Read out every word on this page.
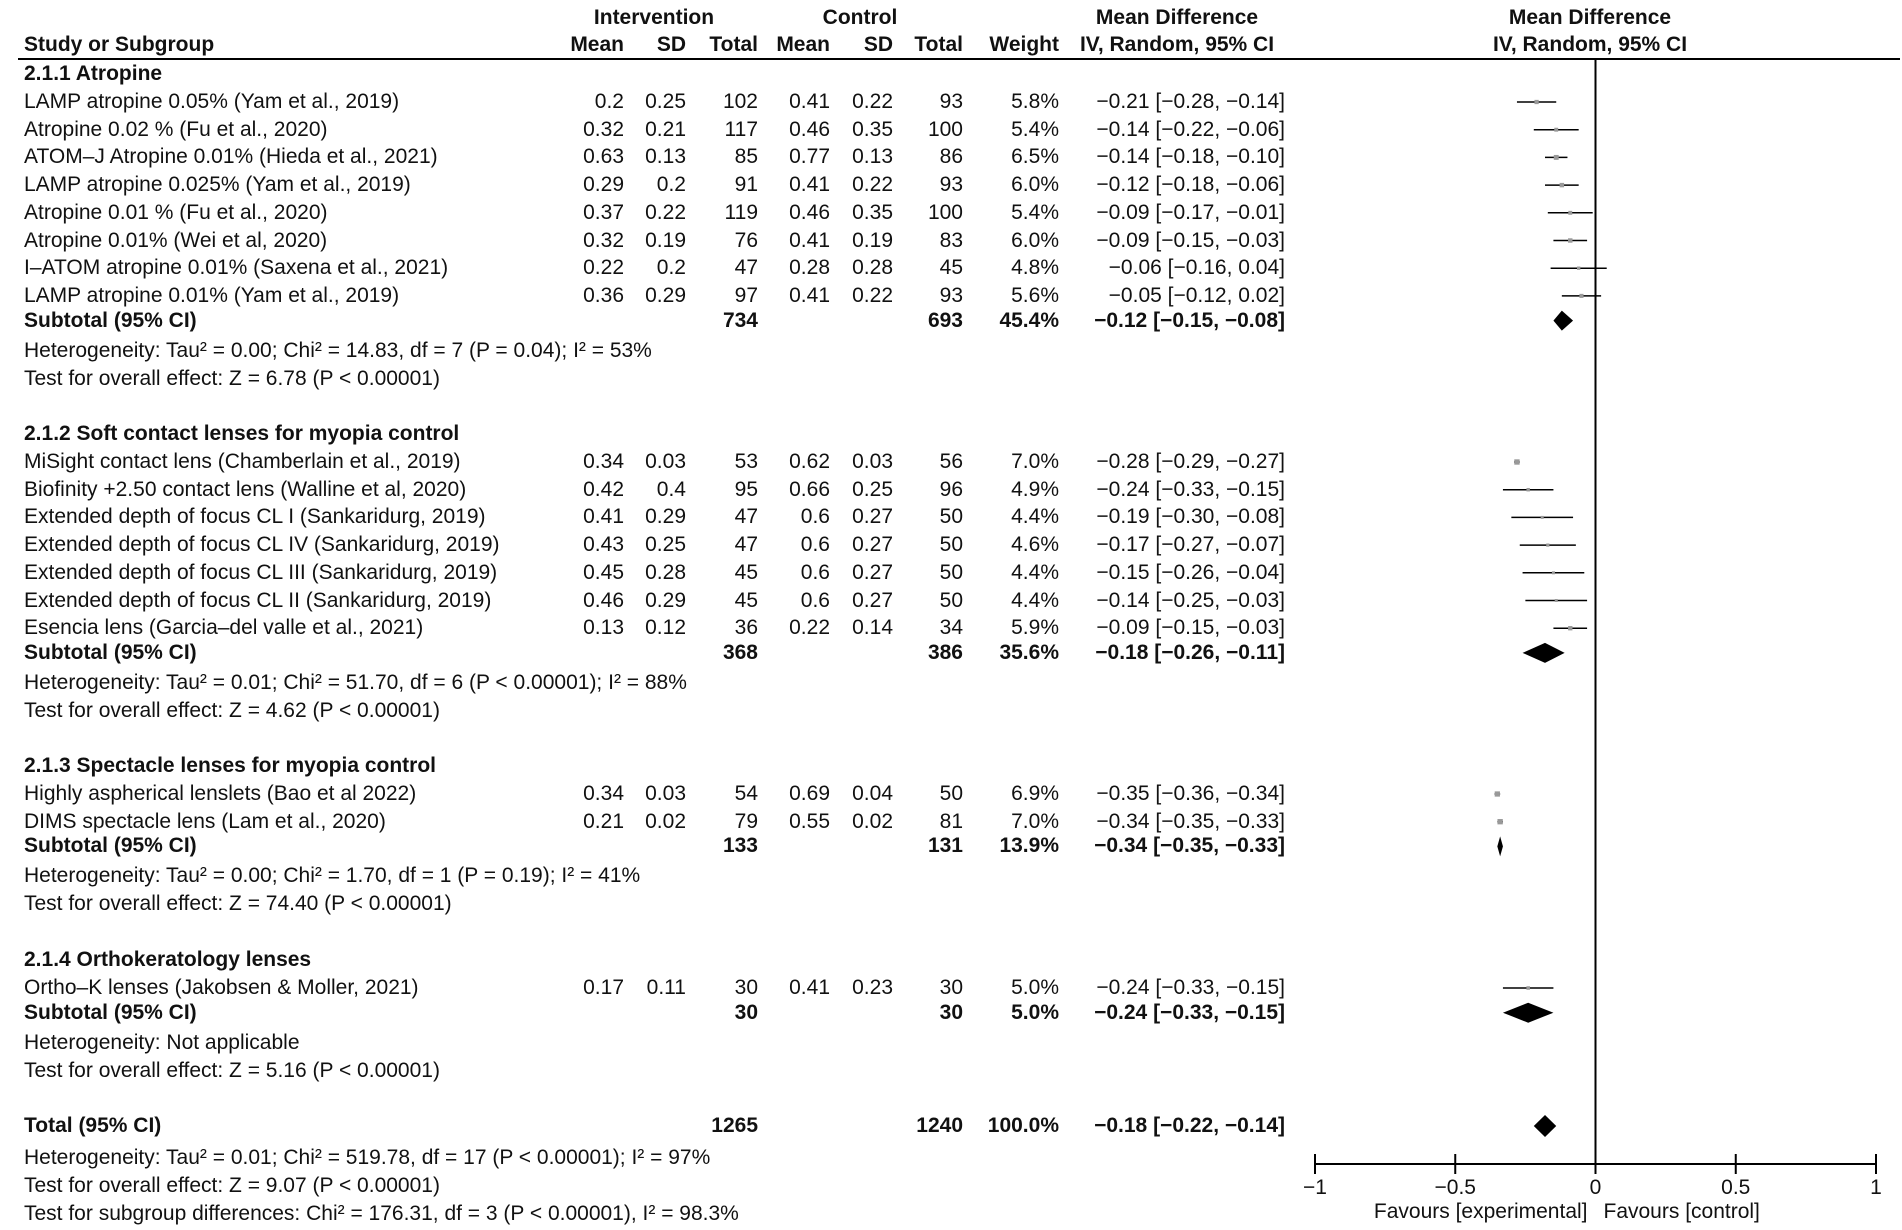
−1	−0.5	0	0.5	1
Favours [experimental] Favours [control]
Intervention	Control	Mean Difference	Mean Difference
Study or Subgroup	Mean SD Total Mean SD Total Weight IV, Random, 95% CI	IV, Random, 95% CI
2.1.1 Atropine
LAMP atropine 0.05% (Yam et al., 2019)	0.2 0.25 102 0.41 0.22 93 5.8% −0.21 [−0.28, −0.14]
Atropine 0.02 % (Fu et al., 2020)	0.32 0.21 117 0.46 0.35 100 5.4% −0.14 [−0.22, −0.06]
ATOM–J Atropine 0.01% (Hieda et al., 2021)	0.63 0.13 85 0.77 0.13 86 6.5% −0.14 [−0.18, −0.10]
LAMP atropine 0.025% (Yam et al., 2019)	0.29 0.2 91 0.41 0.22 93 6.0% −0.12 [−0.18, −0.06]
Atropine 0.01 % (Fu et al., 2020)	0.37 0.22 119 0.46 0.35 100 5.4% −0.09 [−0.17, −0.01]
Atropine 0.01% (Wei et al, 2020)	0.32 0.19 76 0.41 0.19 83 6.0% −0.09 [−0.15, −0.03]
I–ATOM atropine 0.01% (Saxena et al., 2021)	0.22 0.2 47 0.28 0.28 45 4.8% −0.06 [−0.16, 0.04]
LAMP atropine 0.01% (Yam et al., 2019)	0.36 0.29 97 0.41 0.22 93 5.6% −0.05 [−0.12, 0.02]
Subtotal (95% CI)	734	693 45.4% −0.12 [−0.15, −0.08]
Heterogeneity: Tau² = 0.00; Chi² = 14.83, df = 7 (P = 0.04); I² = 53%
Test for overall effect: Z = 6.78 (P < 0.00001)
2.1.2 Soft contact lenses for myopia control
MiSight contact lens (Chamberlain et al., 2019)	0.34 0.03 53 0.62 0.03 56 7.0% −0.28 [−0.29, −0.27]
Biofinity +2.50 contact lens (Walline et al, 2020)	0.42 0.4 95 0.66 0.25 96 4.9% −0.24 [−0.33, −0.15]
Extended depth of focus CL I (Sankaridurg, 2019)	0.41 0.29 47 0.6 0.27 50 4.4% −0.19 [−0.30, −0.08]
Extended depth of focus CL IV (Sankaridurg, 2019)	0.43 0.25 47 0.6 0.27 50 4.6% −0.17 [−0.27, −0.07]
Extended depth of focus CL III (Sankaridurg, 2019)	0.45 0.28 45 0.6 0.27 50 4.4% −0.15 [−0.26, −0.04]
Extended depth of focus CL II (Sankaridurg, 2019)	0.46 0.29 45 0.6 0.27 50 4.4% −0.14 [−0.25, −0.03]
Esencia lens (Garcia–del valle et al., 2021)	0.13 0.12 36 0.22 0.14 34 5.9% −0.09 [−0.15, −0.03]
Subtotal (95% CI)	368	386 35.6% −0.18 [−0.26, −0.11]
Heterogeneity: Tau² = 0.01; Chi² = 51.70, df = 6 (P < 0.00001); I² = 88%
Test for overall effect: Z = 4.62 (P < 0.00001)
2.1.3 Spectacle lenses for myopia control
Highly aspherical lenslets (Bao et al 2022)	0.34 0.03 54 0.69 0.04 50 6.9% −0.35 [−0.36, −0.34]
DIMS spectacle lens (Lam et al., 2020)	0.21 0.02 79 0.55 0.02 81 7.0% −0.34 [−0.35, −0.33]
Subtotal (95% CI)	133	131 13.9% −0.34 [−0.35, −0.33]
Heterogeneity: Tau² = 0.00; Chi² = 1.70, df = 1 (P = 0.19); I² = 41%
Test for overall effect: Z = 74.40 (P < 0.00001)
2.1.4 Orthokeratology lenses
Ortho–K lenses (Jakobsen & Moller, 2021)	0.17 0.11 30 0.41 0.23 30 5.0% −0.24 [−0.33, −0.15]
Subtotal (95% CI)	30	30 5.0% −0.24 [−0.33, −0.15]
Heterogeneity: Not applicable
Test for overall effect: Z = 5.16 (P < 0.00001)
Total (95% CI)	1265	1240 100.0% −0.18 [−0.22, −0.14]
Heterogeneity: Tau² = 0.01; Chi² = 519.78, df = 17 (P < 0.00001); I² = 97%
Test for overall effect: Z = 9.07 (P < 0.00001)
Test for subgroup differences: Chi² = 176.31, df = 3 (P < 0.00001), I² = 98.3%
